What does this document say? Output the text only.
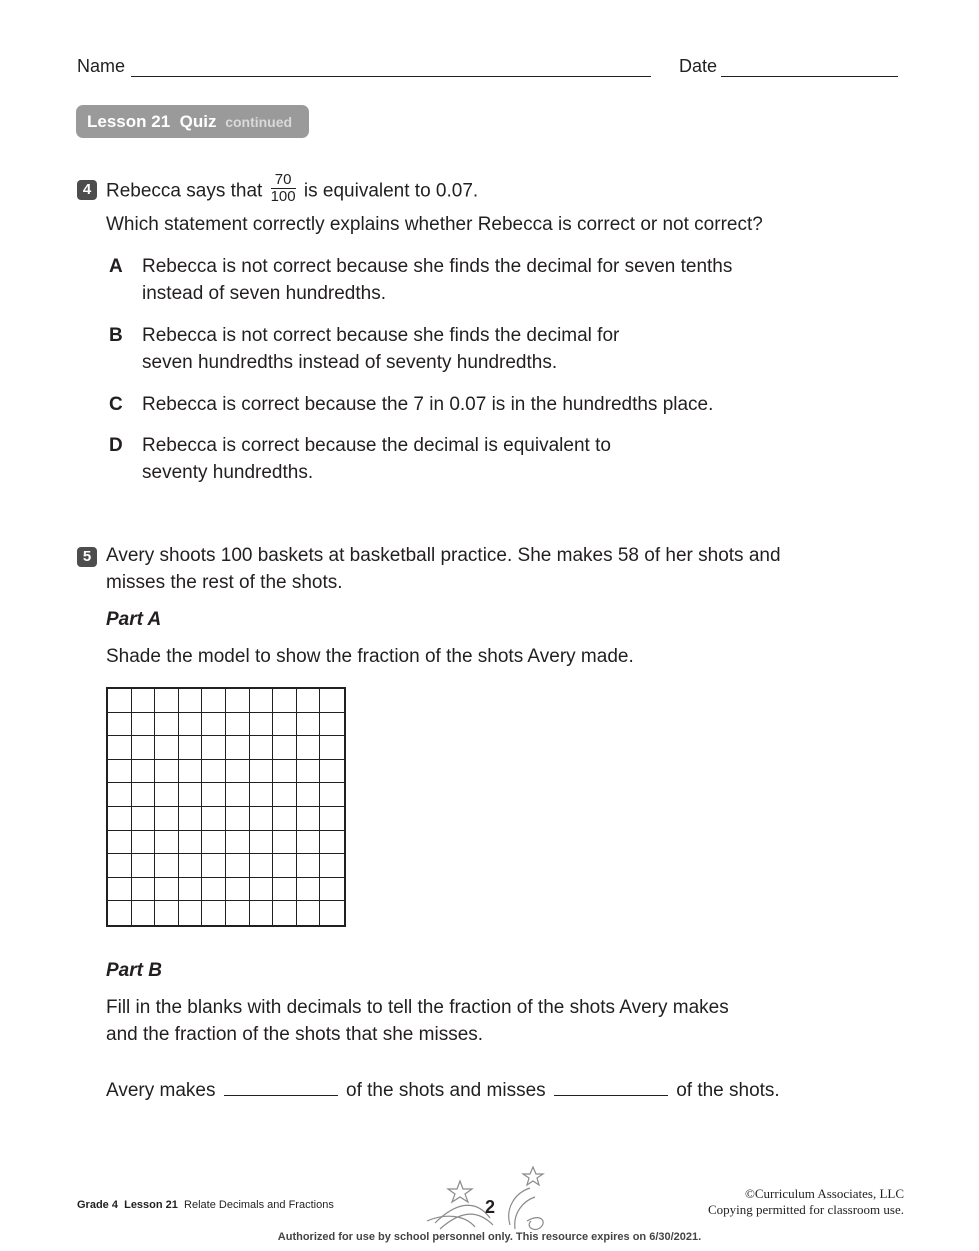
Name	Date
Lesson 21 Quiz continued
4 Rebecca says that $\frac{70}{100}$ is equivalent to 0.07.
Which statement correctly explains whether Rebecca is correct or not correct?
A Rebecca is not correct because she finds the decimal for seven tenths
instead of seven hundredths.
B Rebecca is not correct because she finds the decimal for
seven hundredths instead of seventy hundredths.
C Rebecca is correct because the 7 in 0.07 is in the hundredths place.
D Rebecca is correct because the decimal is equivalent to
seventy hundredths.
5 Avery shoots 100 baskets at basketball practice. She makes 58 of her shots and
misses the rest of the shots.
Part A
Shade the model to show the fraction of the shots Avery made.
Part B
Fill in the blanks with decimals to tell the fraction of the shots Avery makes
and the fraction of the shots that she misses.
Avery makes	of the shots and misses	of the shots.
Grade 4 Lesson 21 Relate Decimals and Fractions	2
©Curriculum Associates, LLC
Copying permitted for classroom use.
Authorized for use by school personnel only. This resource expires on 6/30/2021.
